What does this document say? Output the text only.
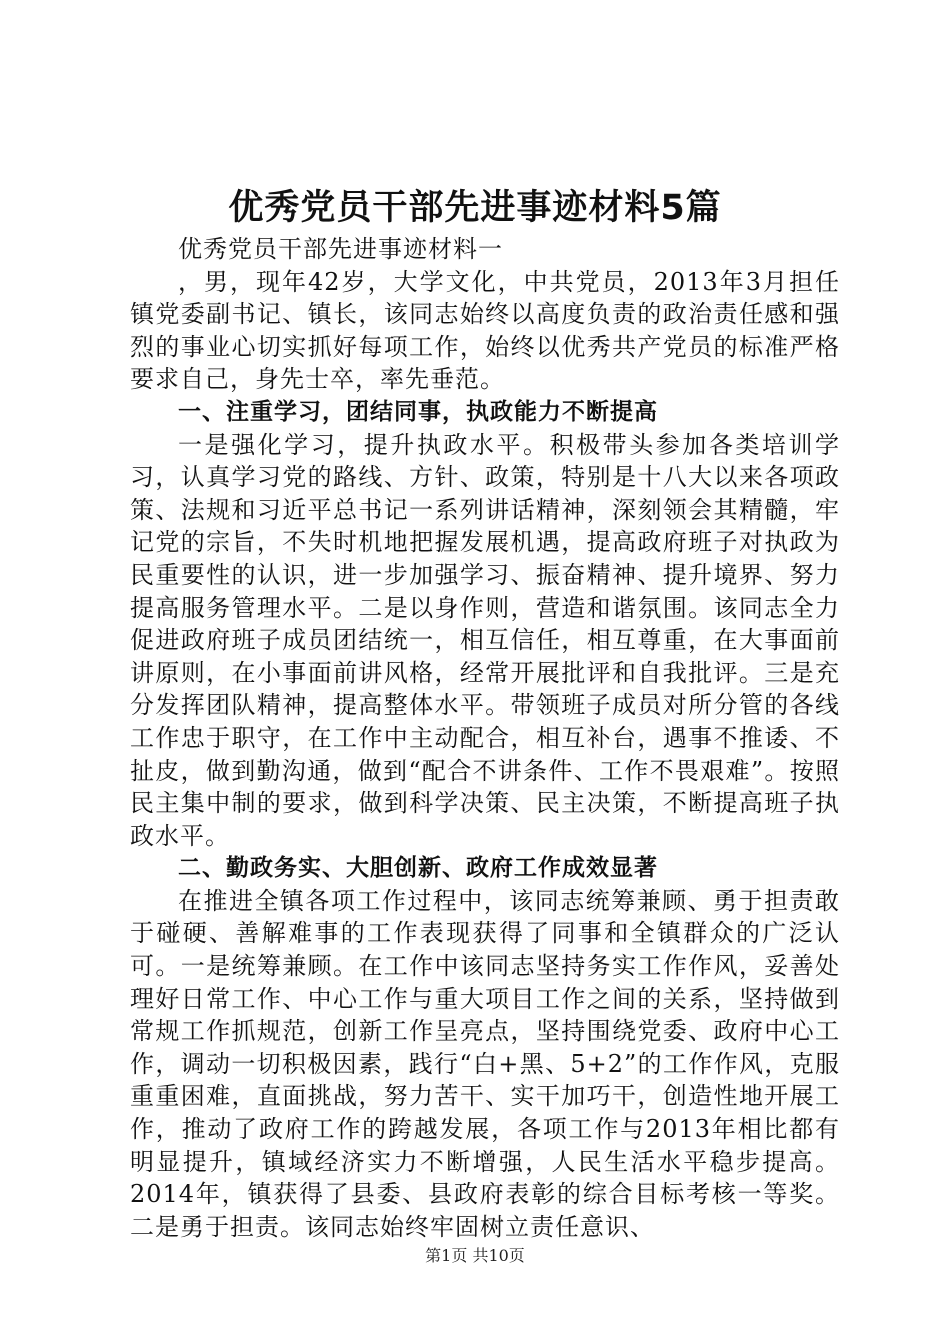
优秀党员干部先进事迹材料5篇

优秀党员干部先进事迹材料一

，男，现年42岁，大学文化，中共党员，2013年3月担任镇党委副书记、镇长，该同志始终以高度负责的政治责任感和强烈的事业心切实抓好每项工作，始终以优秀共产党员的标准严格要求自己，身先士卒，率先垂范。

一、注重学习，团结同事，执政能力不断提高

一是强化学习，提升执政水平。积极带头参加各类培训学习，认真学习党的路线、方针、政策，特别是十八大以来各项政策、法规和习近平总书记一系列讲话精神，深刻领会其精髓，牢记党的宗旨，不失时机地把握发展机遇，提高政府班子对执政为民重要性的认识，进一步加强学习、振奋精神、提升境界、努力提高服务管理水平。二是以身作则，营造和谐氛围。该同志全力促进政府班子成员团结统一，相互信任，相互尊重，在大事面前讲原则，在小事面前讲风格，经常开展批评和自我批评。三是充分发挥团队精神，提高整体水平。带领班子成员对所分管的各线工作忠于职守，在工作中主动配合，相互补台，遇事不推诿、不扯皮，做到勤沟通，做到“配合不讲条件、工作不畏艰难”。按照民主集中制的要求，做到科学决策、民主决策，不断提高班子执政水平。

二、勤政务实、大胆创新、政府工作成效显著

在推进全镇各项工作过程中，该同志统筹兼顾、勇于担责敢于碰硬、善解难事的工作表现获得了同事和全镇群众的广泛认可。一是统筹兼顾。在工作中该同志坚持务实工作作风，妥善处理好日常工作、中心工作与重大项目工作之间的关系，坚持做到常规工作抓规范，创新工作呈亮点，坚持围绕党委、政府中心工作，调动一切积极因素，践行“白+黑、5+2”的工作作风，克服重重困难，直面挑战，努力苦干、实干加巧干，创造性地开展工作，推动了政府工作的跨越发展，各项工作与2013年相比都有明显提升，镇域经济实力不断增强，人民生活水平稳步提高。2014年，镇获得了县委、县政府表彰的综合目标考核一等奖。二是勇于担责。该同志始终牢固树立责任意识、

第1页 共10页
